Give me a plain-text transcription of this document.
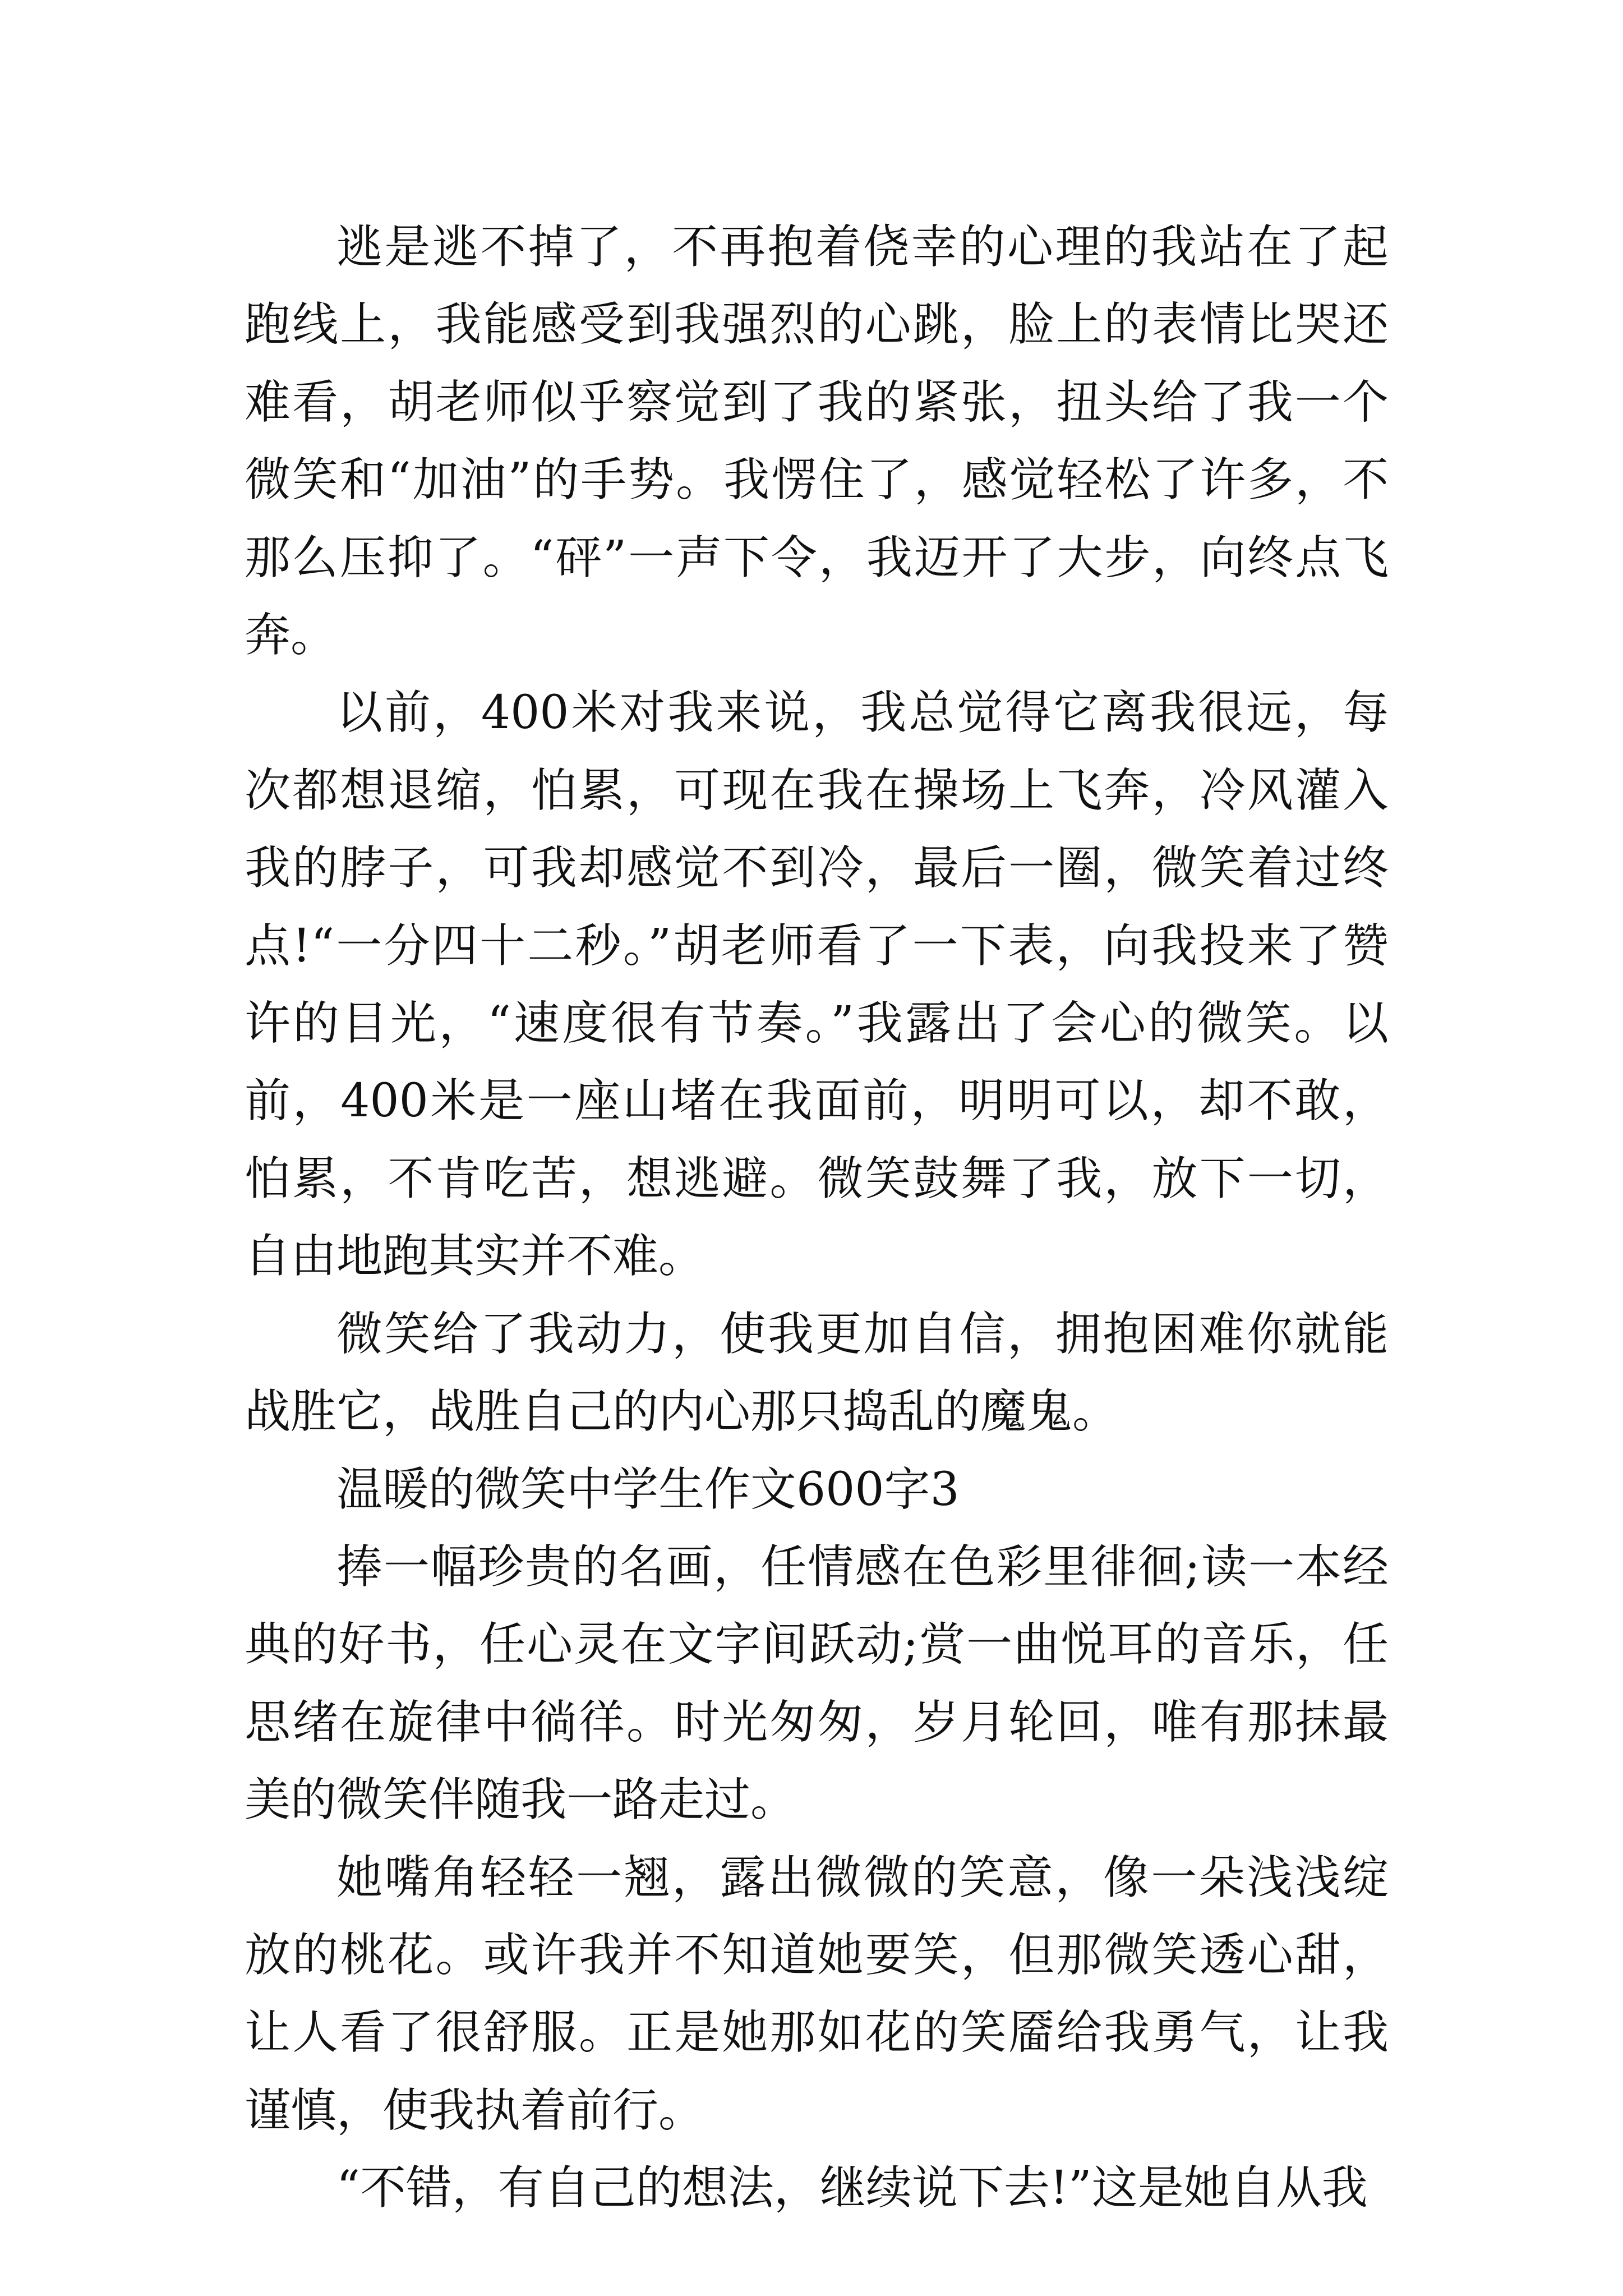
逃是逃不掉了，不再抱着侥幸的心理的我站在了起跑线上，我能感受到我强烈的心跳，脸上的表情比哭还难看，胡老师似乎察觉到了我的紧张，扭头给了我一个微笑和“加油”的手势。我愣住了，感觉轻松了许多，不那么压抑了。“砰”一声下令，我迈开了大步，向终点飞奔。

以前，400米对我来说，我总觉得它离我很远，每次都想退缩，怕累，可现在我在操场上飞奔，冷风灌入我的脖子，可我却感觉不到冷，最后一圈，微笑着过终点!“一分四十二秒。”胡老师看了一下表，向我投来了赞许的目光，“速度很有节奏。”我露出了会心的微笑。以前，400米是一座山堵在我面前，明明可以，却不敢，怕累，不肯吃苦，想逃避。微笑鼓舞了我，放下一切，自由地跑其实并不难。

微笑给了我动力，使我更加自信，拥抱困难你就能战胜它，战胜自己的内心那只捣乱的魔鬼。

温暖的微笑中学生作文600字3

捧一幅珍贵的名画，任情感在色彩里徘徊;读一本经典的好书，任心灵在文字间跃动;赏一曲悦耳的音乐，任思绪在旋律中徜徉。时光匆匆，岁月轮回，唯有那抹最美的微笑伴随我一路走过。

她嘴角轻轻一翘，露出微微的笑意，像一朵浅浅绽放的桃花。或许我并不知道她要笑，但那微笑透心甜，让人看了很舒服。正是她那如花的笑靥给我勇气，让我谨慎，使我执着前行。

“不错，有自己的想法，继续说下去!”这是她自从我
